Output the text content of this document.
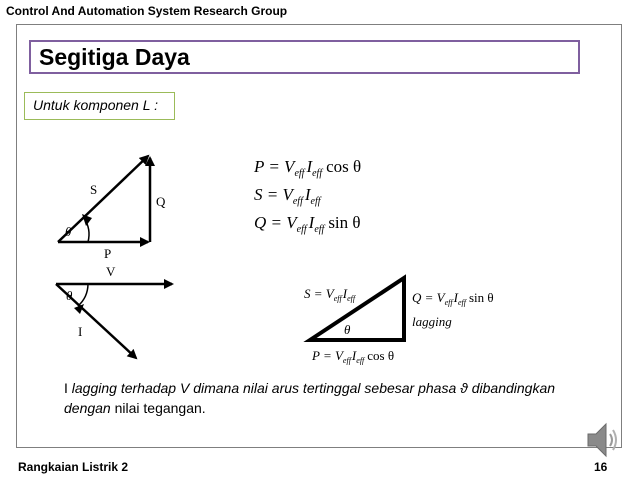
Control And Automation System Research Group
Segitiga Daya
Untuk komponen L :
S
Q
P
θ
V
I
θ
$P = V_{eff}$ $I_{eff}$ cos θ
$S = V_{eff}$ $I_{eff}$
$Q = V_{eff}$ $I_{eff}$ sin θ
$S = V_{eff}I_{eff}$	$Q = V_{eff}I_{eff}$ sin θ
lagging
θ
$P = V_{eff}I_{eff}$ cos θ
I lagging terhadap V dimana nilai arus tertinggal sebesar phasa ϑ dibandingkan dengan nilai tegangan.
Rangkaian Listrik 2	16
